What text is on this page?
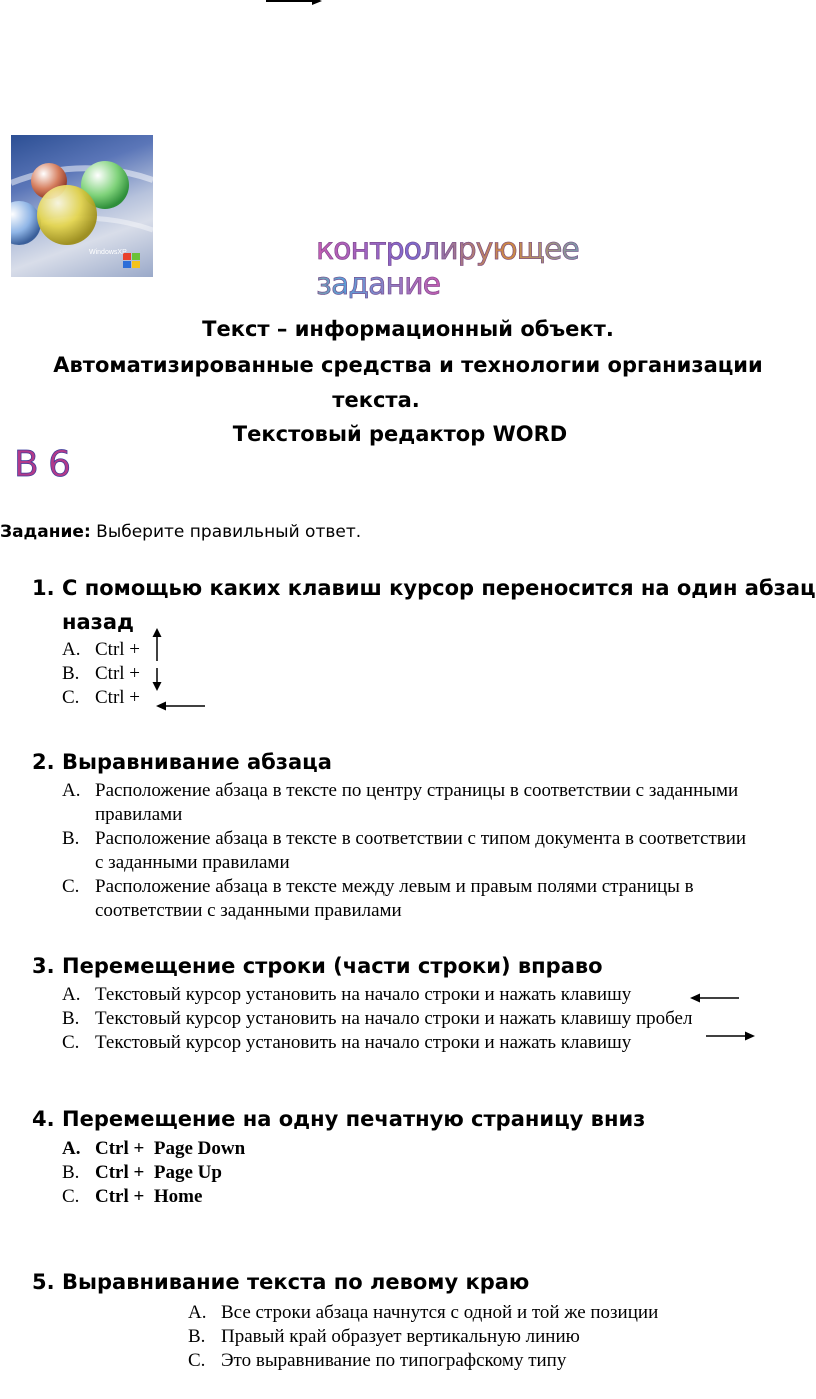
WindowsXP	контролирующее задание
Текст – информационный объект.
Автоматизированные средства и технологии организации
текста.
Текстовый редактор WORD
В 6
Задание: Выберите правильный ответ.
1. С помощью каких клавиш курсор переносится на один абзац
назад
A. Ctrl +
B. Ctrl +
C. Ctrl +
2. Выравнивание абзаца
A. Расположение абзаца в тексте по центру страницы в соответствии с заданными
правилами
B. Расположение абзаца в тексте в соответствии с типом документа в соответствии
с заданными правилами
C. Расположение абзаца в тексте между левым и правым полями страницы в
соответствии с заданными правилами
3. Перемещение строки (части строки) вправо
A. Текстовый курсор установить на начало строки и нажать клавишу
B. Текстовый курсор установить на начало строки и нажать клавишу пробел
C. Текстовый курсор установить на начало строки и нажать клавишу
4. Перемещение на одну печатную страницу вниз
A. Ctrl +  Page Down
B. Ctrl +  Page Up
C. Ctrl +  Home
5. Выравнивание текста по левому краю
A. Все строки абзаца начнутся с одной и той же позиции
B. Правый край образует вертикальную линию
C. Это выравнивание по типографскому типу
